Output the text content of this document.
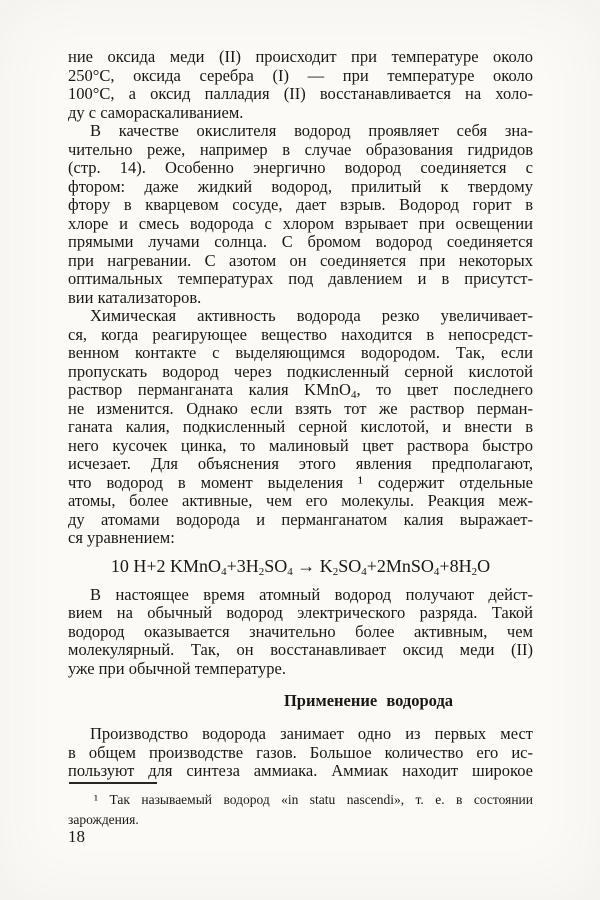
ние оксида меди (II) происходит при температуре около
250°С, оксида серебра (I) — при температуре около
100°С, а оксид палладия (II) восстанавливается на холо-
ду с самораскаливанием.
В качестве окислителя водород проявляет себя зна-
чительно реже, например в случае образования гидридов
(стр. 14). Особенно энергично водород соединяется с
фтором: даже жидкий водород, прилитый к твердому
фтору в кварцевом сосуде, дает взрыв. Водород горит в
хлоре и смесь водорода с хлором взрывает при освещении
прямыми лучами солнца. С бромом водород соединяется
при нагревании. С азотом он соединяется при некоторых
оптимальных температурах под давлением и в присутст-
вии катализаторов.
Химическая активность водорода резко увеличивает-
ся, когда реагирующее вещество находится в непосредст-
венном контакте с выделяющимся водородом. Так, если
пропускать водород через подкисленный серной кислотой
раствор перманганата калия KMnO$_4$, то цвет последнего
не изменится. Однако если взять тот же раствор перман-
ганата калия, подкисленный серной кислотой, и внести в
него кусочек цинка, то малиновый цвет раствора быстро
исчезает. Для объяснения этого явления предполагают,
что водород в момент выделения ¹ содержит отдельные
атомы, более активные, чем его молекулы. Реакция меж-
ду атомами водорода и перманганатом калия выражает-
ся уравнением:
10 H+2 $KMnO_4+3H_2SO_4$ → $K_2SO_4+2MnSO_4+8H_2O$
В настоящее время атомный водород получают дейст-
вием на обычный водород электрического разряда. Такой
водород оказывается значительно более активным, чем
молекулярный. Так, он восстанавливает оксид меди (II)
уже при обычной температуре.
Применение водорода
Производство водорода занимает одно из первых мест
в общем производстве газов. Большое количество его ис-
пользуют для синтеза аммиака. Аммиак находит широкое
¹ Так называемый водород «in statu nascendi», т. е. в состоянии
зарождения.
18
